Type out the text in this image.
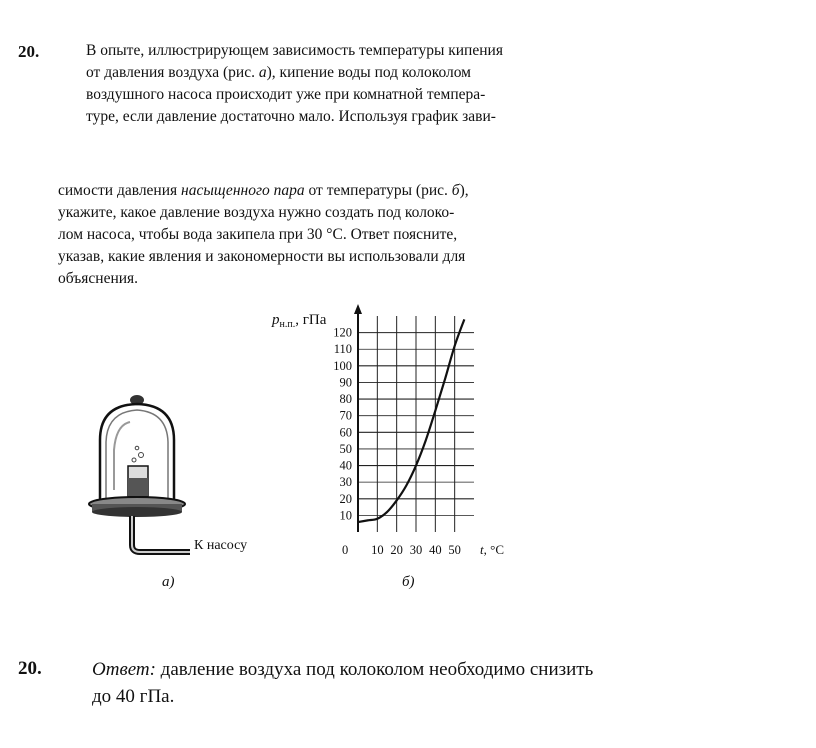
20.	В опыте, иллюстрирующем зависимость температуры кипения
от давления воздуха (рис. а), кипение воды под колоколом
воздушного насоса происходит уже при комнатной темпера-
туре, если давление достаточно мало. Используя график зави-
симости давления насыщенного пара от температуры (рис. б),
укажите, какое давление воздуха нужно создать под колоко-
лом насоса, чтобы вода закипела при 30 °C. Ответ поясните,
указав, какие явления и закономерности вы использовали для
объяснения.
К насосу
а)
10
20
30
40
50
60
70
80
90
100
110
120
10 20 30 40 50
$p_{н.п.}$, гПа
t, °C
0
б)
20.	Ответ: давление воздуха под колоколом необходимо снизить
до 40 гПа.
